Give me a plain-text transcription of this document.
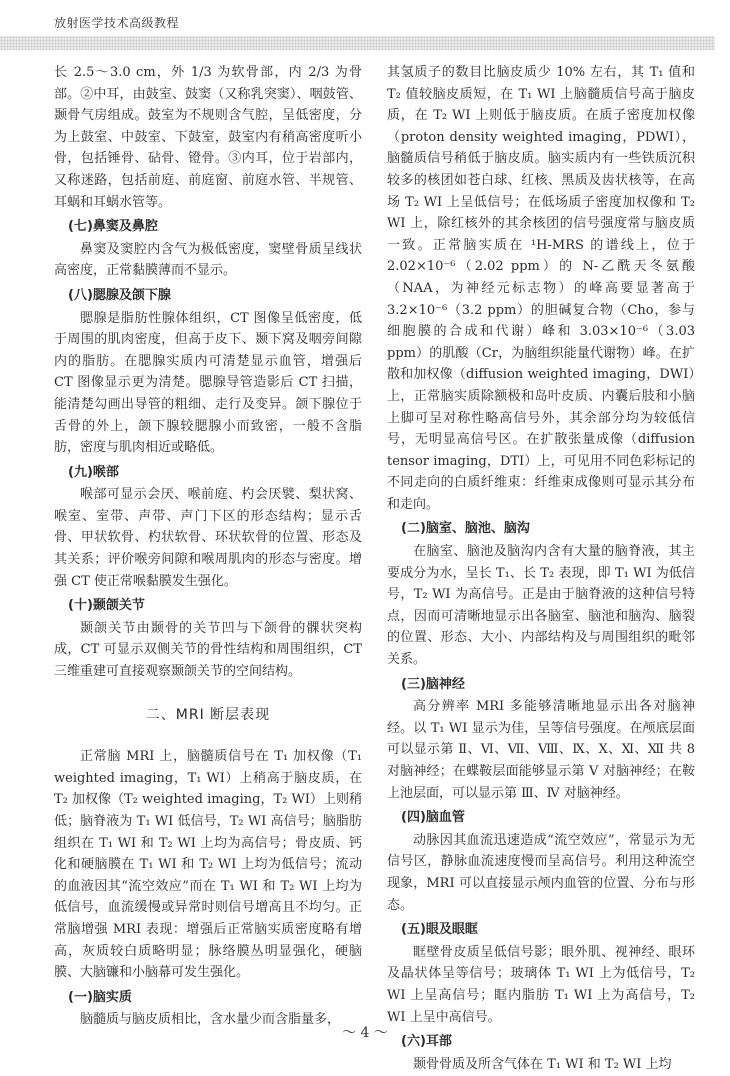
放射医学技术高级教程

长 2.5～3.0 cm，外 1/3 为软骨部，内 2/3 为骨部。②中耳，由鼓室、鼓窦（又称乳突窦）、咽鼓管、颞骨气房组成。鼓室为不规则含气腔，呈低密度，分为上鼓室、中鼓室、下鼓室，鼓室内有稍高密度听小骨，包括锤骨、砧骨、镫骨。③内耳，位于岩部内，又称迷路，包括前庭、前庭窗、前庭水管、半规管、耳蜗和耳蜗水管等。

(七)鼻窦及鼻腔

鼻窦及窦腔内含气为极低密度，窦壁骨质呈线状高密度，正常黏膜薄而不显示。

(八)腮腺及颌下腺

腮腺是脂肪性腺体组织，CT 图像呈低密度，低于周围的肌肉密度，但高于皮下、颞下窝及咽旁间隙内的脂肪。在腮腺实质内可清楚显示血管，增强后 CT 图像显示更为清楚。腮腺导管造影后 CT 扫描，能清楚勾画出导管的粗细、走行及变异。颌下腺位于舌骨的外上，颌下腺较腮腺小而致密，一般不含脂肪，密度与肌肉相近或略低。

(九)喉部

喉部可显示会厌、喉前庭、杓会厌襞、梨状窝、喉室、室带、声带、声门下区的形态结构；显示舌骨、甲状软骨、杓状软骨、环状软骨的位置、形态及其关系；评价喉旁间隙和喉周肌肉的形态与密度。增强 CT 使正常喉黏膜发生强化。

(十)颞颌关节

颞颌关节由颞骨的关节凹与下颌骨的髁状突构成，CT 可显示双侧关节的骨性结构和周围组织，CT 三维重建可直接观察颞颌关节的空间结构。

二、MRI 断层表现

正常脑 MRI 上，脑髓质信号在 T₁ 加权像（T₁ weighted imaging，T₁ WI）上稍高于脑皮质，在 T₂ 加权像（T₂ weighted imaging，T₂ WI）上则稍低；脑脊液为 T₁ WI 低信号，T₂ WI 高信号；脑脂肪组织在 T₁ WI 和 T₂ WI 上均为高信号；骨皮质、钙化和硬脑膜在 T₁ WI 和 T₂ WI 上均为低信号；流动的血液因其“流空效应”而在 T₁ WI 和 T₂ WI 上均为低信号，血流缓慢或异常时则信号增高且不均匀。正常脑增强 MRI 表现：增强后正常脑实质密度略有增高，灰质较白质略明显；脉络膜丛明显强化，硬脑膜、大脑镰和小脑幕可发生强化。

(一)脑实质

脑髓质与脑皮质相比，含水量少而含脂量多，

其氢质子的数目比脑皮质少 10% 左右，其 T₁ 值和 T₂ 值较脑皮质短，在 T₁ WI 上脑髓质信号高于脑皮质，在 T₂ WI 上则低于脑皮质。在质子密度加权像（proton density weighted imaging，PDWI），脑髓质信号稍低于脑皮质。脑实质内有一些铁质沉积较多的核团如苍白球、红核、黑质及齿状核等，在高场 T₂ WI 上呈低信号；在低场质子密度加权像和 T₂ WI 上，除红核外的其余核团的信号强度常与脑皮质一致。正常脑实质在 ¹H-MRS 的谱线上，位于 2.02×10⁻⁶（2.02 ppm）的 N-乙酰天冬氨酸（NAA，为神经元标志物）的峰高要显著高于 3.2×10⁻⁶（3.2 ppm）的胆碱复合物（Cho，参与细胞膜的合成和代谢）峰和 3.03×10⁻⁶（3.03 ppm）的肌酸（Cr，为脑组织能量代谢物）峰。在扩散和加权像（diffusion weighted imaging，DWI）上，正常脑实质除额极和岛叶皮质、内囊后肢和小脑上脚可呈对称性略高信号外，其余部分均为较低信号，无明显高信号区。在扩散张量成像（diffusion tensor imaging，DTI）上，可见用不同色彩标记的不同走向的白质纤维束：纤维束成像则可显示其分布和走向。

(二)脑室、脑池、脑沟

在脑室、脑池及脑沟内含有大量的脑脊液，其主要成分为水，呈长 T₁、长 T₂ 表现，即 T₁ WI 为低信号，T₂ WI 为高信号。正是由于脑脊液的这种信号特点，因而可清晰地显示出各脑室、脑池和脑沟、脑裂的位置、形态、大小、内部结构及与周围组织的毗邻关系。

(三)脑神经

高分辨率 MRI 多能够清晰地显示出各对脑神经。以 T₁ WI 显示为佳，呈等信号强度。在颅底层面可以显示第 Ⅱ、Ⅵ、Ⅶ、Ⅷ、Ⅸ、Ⅹ、Ⅺ、Ⅻ 共 8 对脑神经；在蝶鞍层面能够显示第 Ⅴ 对脑神经；在鞍上池层面，可以显示第 Ⅲ、Ⅳ 对脑神经。

(四)脑血管

动脉因其血流迅速造成“流空效应”，常显示为无信号区，静脉血流速度慢而呈高信号。利用这种流空现象，MRI 可以直接显示颅内血管的位置、分布与形态。

(五)眼及眼眶

眶壁骨皮质呈低信号影；眼外肌、视神经、眼环及晶状体呈等信号；玻璃体 T₁ WI 上为低信号，T₂ WI 上呈高信号；眶内脂肪 T₁ WI 上为高信号，T₂ WI 上呈中高信号。

(六)耳部

颞骨骨质及所含气体在 T₁ WI 和 T₂ WI 上均

～ 4 ～
